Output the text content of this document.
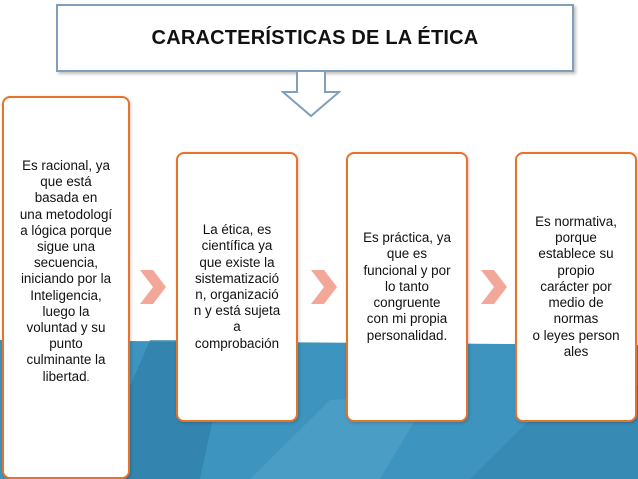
CARACTERÍSTICAS DE LA ÉTICA
Es racional, ya
que está
basada en
una metodologí
a lógica porque
sigue una
secuencia,
iniciando por la
Inteligencia,
luego la
voluntad y su
punto
culminante la
libertad.
La ética, es
científica ya
que existe la
sistematizació
n, organizació
n y está sujeta
a
comprobación
Es práctica, ya
que es
funcional y por
lo tanto
congruente
con mi propia
personalidad.
Es normativa,
porque
establece su
propio
carácter por
medio de
normas
o leyes person
ales
